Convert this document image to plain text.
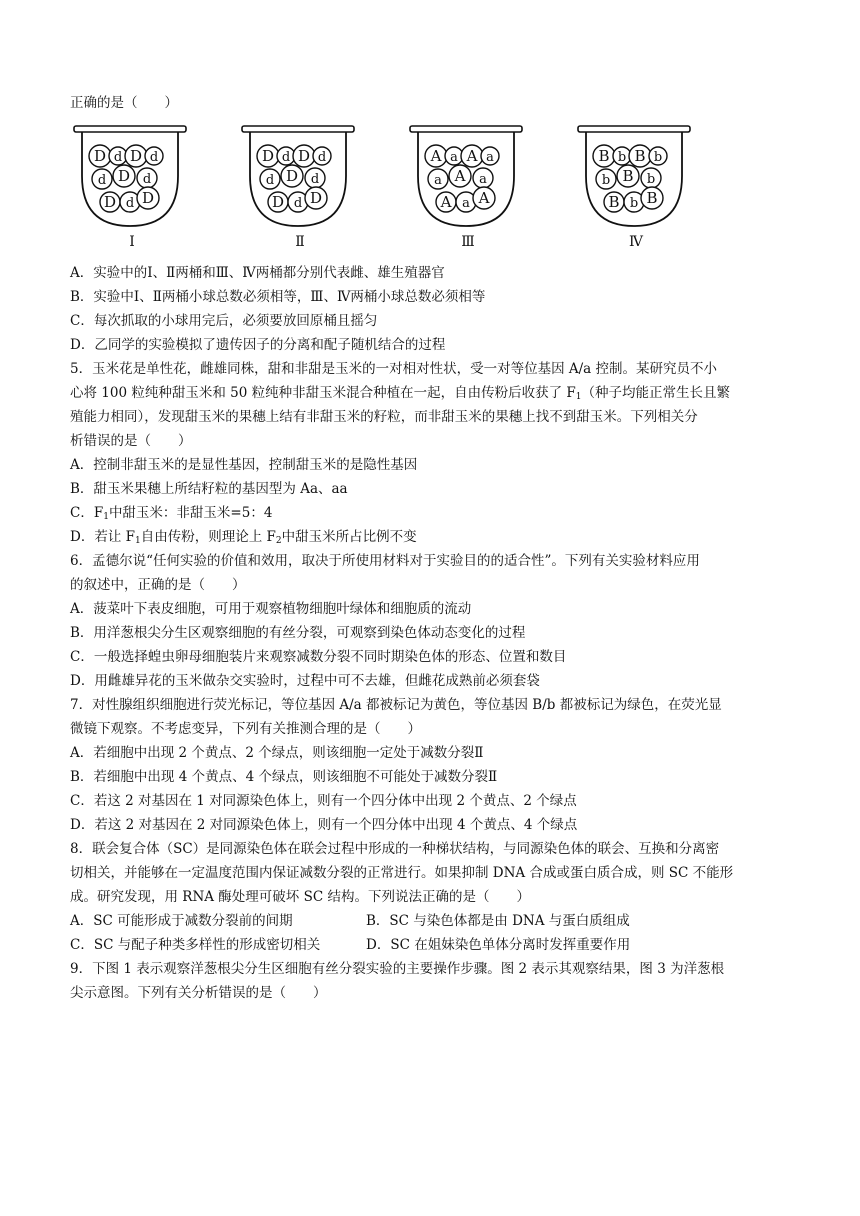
正确的是（　　）
D d D d
d D d
D d D
D d D d
d D d
D d D
A a A a
a A a
A a A
B b B b
b B b
B b B
Ⅰ	Ⅱ	Ⅲ	Ⅳ
A．实验中的Ⅰ、Ⅱ两桶和Ⅲ、Ⅳ两桶都分别代表雌、雄生殖器官
B．实验中Ⅰ、Ⅱ两桶小球总数必须相等，Ⅲ、Ⅳ两桶小球总数必须相等
C．每次抓取的小球用完后，必须要放回原桶且摇匀
D．乙同学的实验模拟了遗传因子的分离和配子随机结合的过程
5．玉米花是单性花，雌雄同株，甜和非甜是玉米的一对相对性状，受一对等位基因 A/a 控制。某研究员不小
心将 100 粒纯种甜玉米和 50 粒纯种非甜玉米混合种植在一起，自由传粉后收获了 $F_1$（种子均能正常生长且繁
殖能力相同），发现甜玉米的果穗上结有非甜玉米的籽粒，而非甜玉米的果穗上找不到甜玉米。下列相关分
析错误的是（　　）
A．控制非甜玉米的是显性基因，控制甜玉米的是隐性基因
B．甜玉米果穗上所结籽粒的基因型为 Aa、aa
C．$F_1$中甜玉米：非甜玉米=5：4
D．若让 $F_1$自由传粉，则理论上 $F_2$中甜玉米所占比例不变
6．孟德尔说“任何实验的价值和效用，取决于所使用材料对于实验目的的适合性”。下列有关实验材料应用
的叙述中，正确的是（　　）
A．菠菜叶下表皮细胞，可用于观察植物细胞叶绿体和细胞质的流动
B．用洋葱根尖分生区观察细胞的有丝分裂，可观察到染色体动态变化的过程
C．一般选择蝗虫卵母细胞装片来观察减数分裂不同时期染色体的形态、位置和数目
D．用雌雄异花的玉米做杂交实验时，过程中可不去雄，但雌花成熟前必须套袋
7．对性腺组织细胞进行荧光标记，等位基因 A/a 都被标记为黄色，等位基因 B/b 都被标记为绿色，在荧光显
微镜下观察。不考虑变异，下列有关推测合理的是（　　）
A．若细胞中出现 2 个黄点、2 个绿点，则该细胞一定处于减数分裂Ⅱ
B．若细胞中出现 4 个黄点、4 个绿点，则该细胞不可能处于减数分裂Ⅱ
C．若这 2 对基因在 1 对同源染色体上，则有一个四分体中出现 2 个黄点、2 个绿点
D．若这 2 对基因在 2 对同源染色体上，则有一个四分体中出现 4 个黄点、4 个绿点
8．联会复合体（SC）是同源染色体在联会过程中形成的一种梯状结构，与同源染色体的联会、互换和分离密
切相关，并能够在一定温度范围内保证减数分裂的正常进行。如果抑制 DNA 合成或蛋白质合成，则 SC 不能形
成。研究发现，用 RNA 酶处理可破坏 SC 结构。下列说法正确的是（　　）
A．SC 可能形成于减数分裂前的间期	B．SC 与染色体都是由 DNA 与蛋白质组成
C．SC 与配子种类多样性的形成密切相关	D．SC 在姐妹染色单体分离时发挥重要作用
9．下图 1 表示观察洋葱根尖分生区细胞有丝分裂实验的主要操作步骤。图 2 表示其观察结果，图 3 为洋葱根
尖示意图。下列有关分析错误的是（　　）
